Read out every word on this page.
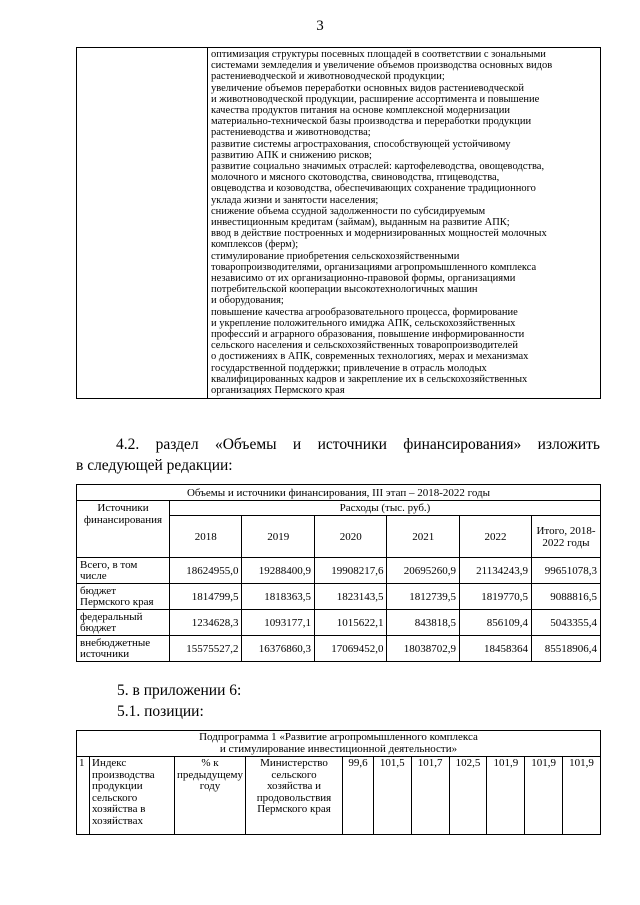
3

оптимизация структуры посевных площадей в соответствии с зональными
системами земледелия и увеличение объемов производства основных видов
растениеводческой и животноводческой продукции;
увеличение объемов переработки основных видов растениеводческой
и животноводческой продукции, расширение ассортимента и повышение
качества продуктов питания на основе комплексной модернизации
материально-технической базы производства и переработки продукции
растениеводства и животноводства;
развитие системы агрострахования, способствующей устойчивому
развитию АПК и снижению рисков;
развитие социально значимых отраслей: картофелеводства, овощеводства,
молочного и мясного скотоводства, свиноводства, птицеводства,
овцеводства и козоводства, обеспечивающих сохранение традиционного
уклада жизни и занятости населения;
снижение объема ссудной задолженности по субсидируемым
инвестиционным кредитам (займам), выданным на развитие АПК;
ввод в действие построенных и модернизированных мощностей молочных
комплексов (ферм);
стимулирование приобретения сельскохозяйственными
товаропроизводителями, организациями агропромышленного комплекса
независимо от их организационно-правовой формы, организациями
потребительской кооперации высокотехнологичных машин
и оборудования;
повышение качества агрообразовательного процесса, формирование
и укрепление положительного имиджа АПК, сельскохозяйственных
профессий и аграрного образования, повышение информированности
сельского населения и сельскохозяйственных товаропроизводителей
о достижениях в АПК, современных технологиях, мерах и механизмах
государственной поддержки; привлечение в отрасль молодых
квалифицированных кадров и закрепление их в сельскохозяйственных
организациях Пермского края
4.2. раздел «Объемы и источники финансирования» изложить
в следующей редакции:
Объемы и источники финансирования, III этап – 2018-2022 годы						
Источники финансирования	Расходы (тыс. руб.)					
	2018	2019	2020	2021	2022	Итого, 2018-2022 годы
Всего, в том числе	18624955,0	19288400,9	19908217,6	20695260,9	21134243,9	99651078,3
бюджет Пермского края	1814799,5	1818363,5	1823143,5	1812739,5	1819770,5	9088816,5
федеральный бюджет	1234628,3	1093177,1	1015622,1	843818,5	856109,4	5043355,4
внебюджетные источники	15575527,2	16376860,3	17069452,0	18038702,9	18458364	85518906,4
5. в приложении 6:
5.1. позиции:
Подпрограмма 1 «Развитие агропромышленного комплекса
и стимулирование инвестиционной деятельности»

1	Индекс производства продукции сельского хозяйства в хозяйствах	% к предыдущему году	Министерство сельского хозяйства и продовольствия Пермского края	99,6	101,5	101,7	102,5	101,9	101,9	101,9
